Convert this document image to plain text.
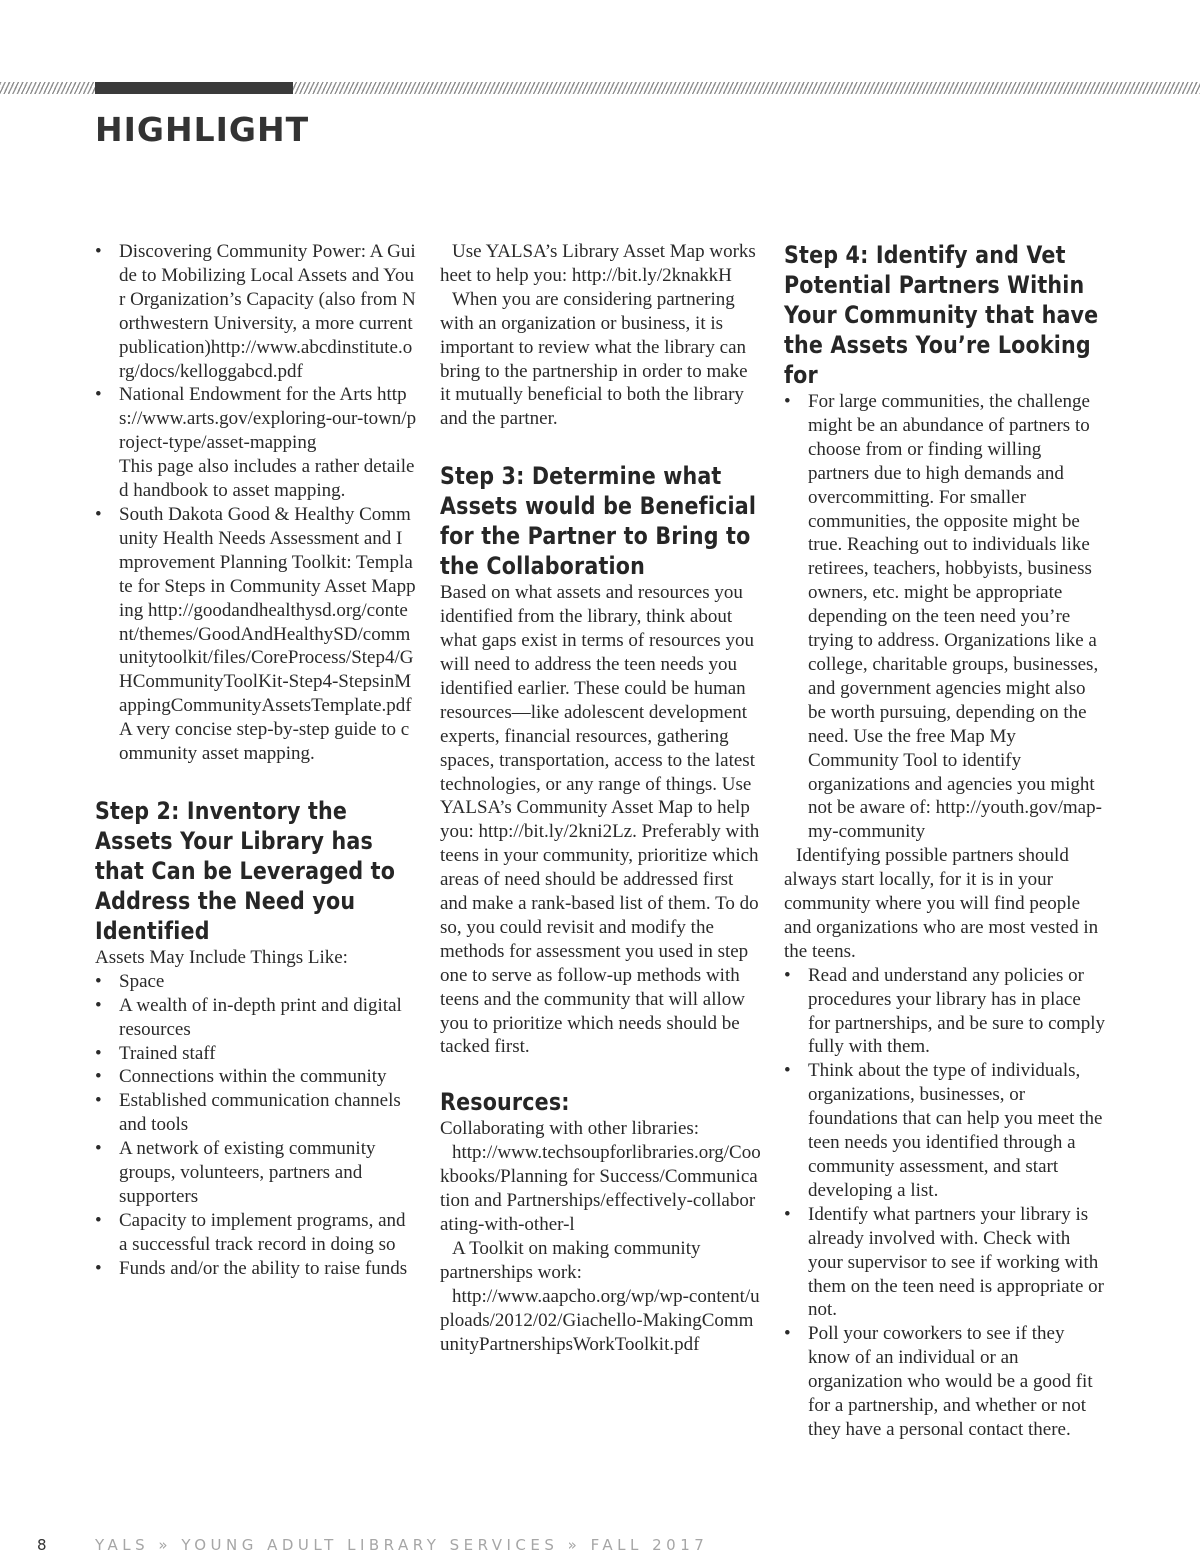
HIGHLIGHT
• Discovering Community Power: A Guide to Mobilizing Local Assets and Your Organization’s Capacity (also from Northwestern University, a more current publication)http://www.abcdinstitute.org/docs/kelloggabcd.pdf
• National Endowment for the Arts https://www.arts.gov/exploring-our-town/project-type/asset-mapping
This page also includes a rather detailed handbook to asset mapping.
• South Dakota Good & Healthy Community Health Needs Assessment and Improvement Planning Toolkit: Template for Steps in Community Asset Mapping http://goodandhealthysd.org/content/themes/GoodAndHealthySD/communitytoolkit/files/CoreProcess/Step4/GHCommunityToolKit-Step4-StepsinMappingCommunityAssetsTemplate.pdf
A very concise step-by-step guide to community asset mapping.
Step 2: Inventory the Assets Your Library has that Can be Leveraged to Address the Need you Identified

Assets May Include Things Like:

• Space
• A wealth of in-depth print and digital resources
• Trained staff
• Connections within the community
• Established communication channels and tools
• A network of existing community groups, volunteers, partners and supporters
• Capacity to implement programs, and a successful track record in doing so
• Funds and/or the ability to raise funds

Use YALSA’s Library Asset Map worksheet to help you: http://bit.ly/2knakkH

When you are considering partnering with an organization or business, it is important to review what the library can bring to the partnership in order to make it mutually beneficial to both the library and the partner.

Step 3: Determine what Assets would be Beneficial for the Partner to Bring to the Collaboration

Based on what assets and resources you identified from the library, think about what gaps exist in terms of resources you will need to address the teen needs you identified earlier. These could be human resources—like adolescent development experts, financial resources, gathering spaces, transportation, access to the latest technologies, or any range of things. Use YALSA’s Community Asset Map to help you: http://bit.ly/2kni2Lz. Preferably with teens in your community, prioritize which areas of need should be addressed first and make a rank-based list of them. To do so, you could revisit and modify the methods for assessment you used in step one to serve as follow-up methods with teens and the community that will allow you to prioritize which needs should be tacked first.

Resources:

Collaborating with other libraries:

http://www.techsoupforlibraries.org/Cookbooks/Planning for Success/Communication and Partnerships/effectively-collaborating-with-other-l

A Toolkit on making community partnerships work:

http://www.aapcho.org/wp/wp-content/uploads/2012/02/Giachello-MakingCommunityPartnershipsWorkToolkit.pdf

Step 4: Identify and Vet Potential Partners Within Your Community that have the Assets You’re Looking for
• For large communities, the challenge might be an abundance of partners to choose from or finding willing partners due to high demands and overcommitting. For smaller communities, the opposite might be true. Reaching out to individuals like retirees, teachers, hobbyists, business owners, etc. might be appropriate depending on the teen need you’re trying to address. Organizations like a college, charitable groups, businesses, and government agencies might also be worth pursuing, depending on the need. Use the free Map My Community Tool to identify organizations and agencies you might not be aware of: http://youth.gov/map-my-community

Identifying possible partners should always start locally, for it is in your community where you will find people and organizations who are most vested in the teens.

• Read and understand any policies or procedures your library has in place for partnerships, and be sure to comply fully with them.
• Think about the type of individuals, organizations, businesses, or foundations that can help you meet the teen needs you identified through a community assessment, and start developing a list.
• Identify what partners your library is already involved with. Check with your supervisor to see if working with them on the teen need is appropriate or not.
• Poll your coworkers to see if they know of an individual or an organization who would be a good fit for a partnership, and whether or not they have a personal contact there.
8	YALS » YOUNG ADULT LIBRARY SERVICES » FALL 2017
